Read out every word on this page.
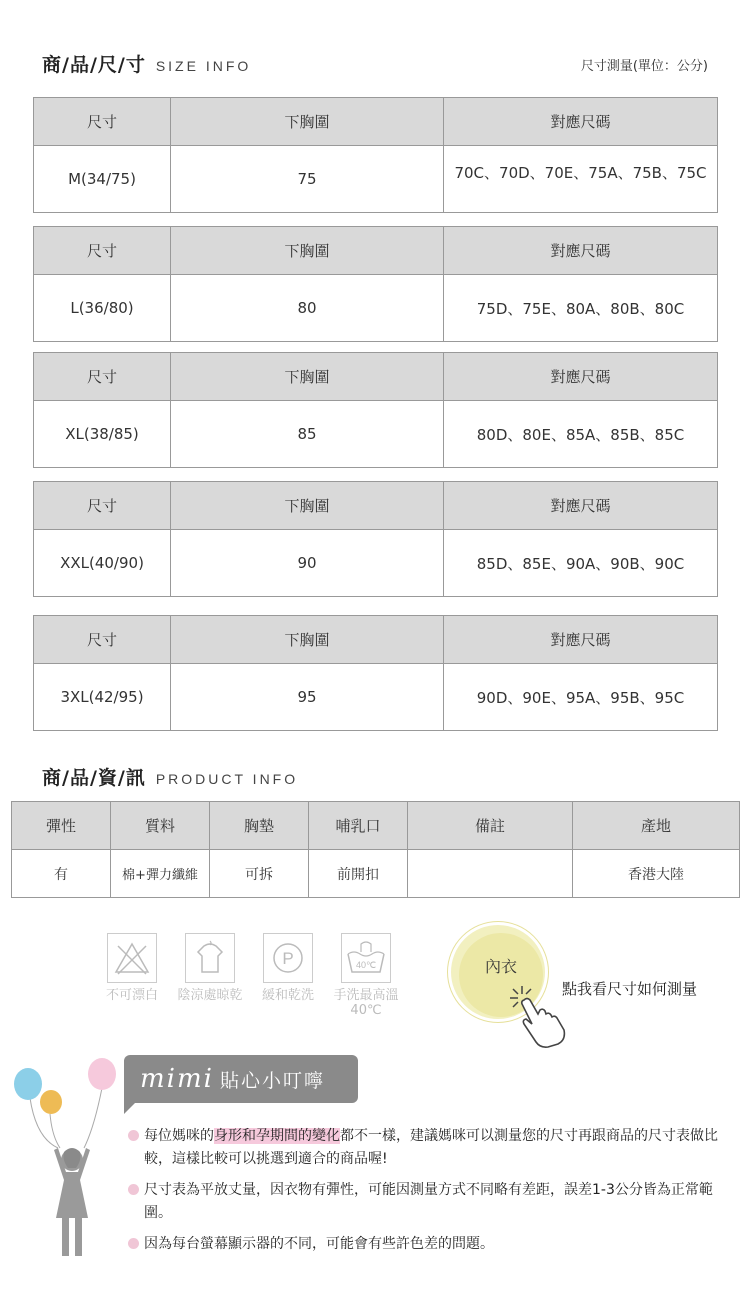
商/品/尺/寸 SIZE INFO	尺寸測量(單位：公分)
尺寸	下胸圍	對應尺碼
M(34/75)	75	70C、70D、70E、75A、75B、75C
尺寸	下胸圍	對應尺碼
L(36/80)	80	75D、75E、80A、80B、80C
尺寸	下胸圍	對應尺碼
XL(38/85)	85	80D、80E、85A、85B、85C
尺寸	下胸圍	對應尺碼
XXL(40/90)	90	85D、85E、90A、90B、90C
尺寸	下胸圍	對應尺碼
3XL(42/95)	95	90D、90E、95A、95B、95C
商/品/資/訊 PRODUCT INFO
彈性	質料	胸墊	哺乳口	備註	產地
有	棉+彈力纖維	可拆	前開扣		香港大陸
不可漂白	陰涼處晾乾
P
緩和乾洗
40℃
手洗最高溫
40℃
內衣
點我看尺寸如何測量
mimi 貼心小叮嚀
每位媽咪的身形和孕期間的變化都不一樣，建議媽咪可以測量您的尺寸再跟商品的尺寸表做比較，這樣比較可以挑選到適合的商品喔!
尺寸表為平放丈量，因衣物有彈性，可能因測量方式不同略有差距，誤差1-3公分皆為正常範圍。
因為每台螢幕顯示器的不同，可能會有些許色差的問題。
